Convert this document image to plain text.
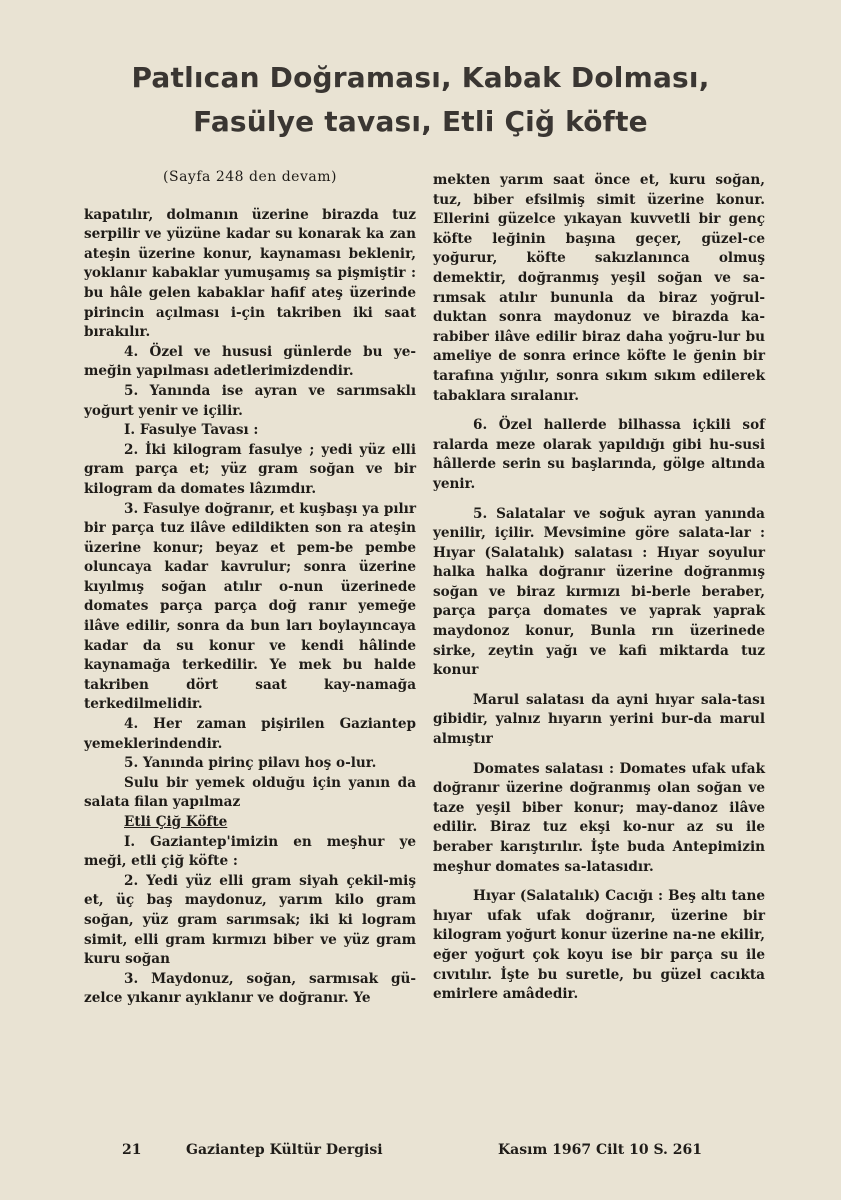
Patlıcan Doğraması, Kabak Dolması,
Fasülye tavası, Etli Çiğ köfte

(Sayfa 248 den devam)

kapatılır, dolmanın üzerine birazda tuz serpilir ve yüzüne kadar su konarak ka zan ateşin üzerine konur, kaynaması beklenir, yoklanır kabaklar yumuşamış sa pişmiştir : bu hâle gelen kabaklar hafif ateş üzerinde pirincin açılması i-çin takriben iki saat bırakılır.

4. Özel ve hususi günlerde bu ye-meğin yapılması adetlerimizdendir.

5. Yanında ise ayran ve sarımsaklı yoğurt yenir ve içilir.

I. Fasulye Tavası :

2. İki kilogram fasulye ; yedi yüz elli gram parça et; yüz gram soğan ve bir kilogram da domates lâzımdır.

3. Fasulye doğranır, et kuşbaşı ya pılır bir parça tuz ilâve edildikten son ra ateşin üzerine konur; beyaz et pem-be pembe oluncaya kadar kavrulur; sonra üzerine kıyılmış soğan atılır o-nun üzerinede domates parça parça doğ ranır yemeğe ilâve edilir, sonra da bun ları boylayıncaya kadar da su konur ve kendi hâlinde kaynamağa terkedilir. Ye mek bu halde takriben dört saat kay-namağa terkedilmelidir.

4. Her zaman pişirilen Gaziantep yemeklerindendir.

5. Yanında pirinç pilavı hoş o-lur.

Sulu bir yemek olduğu için yanın da salata filan yapılmaz

Etli Çiğ Köfte

I. Gaziantep'imizin en meşhur ye meği, etli çiğ köfte :

2. Yedi yüz elli gram siyah çekil-miş et, üç baş maydonuz, yarım kilo gram soğan, yüz gram sarımsak; iki ki logram simit, elli gram kırmızı biber ve yüz gram kuru soğan

3. Maydonuz, soğan, sarmısak gü-zelce yıkanır ayıklanır ve doğranır. Ye

mekten yarım saat önce et, kuru soğan, tuz, biber efsilmiş simit üzerine konur. Ellerini güzelce yıkayan kuvvetli bir genç köfte leğinin başına geçer, güzel-ce yoğurur, köfte sakızlanınca olmuş demektir, doğranmış yeşil soğan ve sa-rımsak atılır bununla da biraz yoğrul-duktan sonra maydonuz ve birazda ka-rabiber ilâve edilir biraz daha yoğru-lur bu ameliye de sonra erince köfte le ğenin bir tarafına yığılır, sonra sıkım sıkım edilerek tabaklara sıralanır.

6. Özel hallerde bilhassa içkili sof ralarda meze olarak yapıldığı gibi hu-susi hâllerde serin su başlarında, gölge altında yenir.

5. Salatalar ve soğuk ayran yanında yenilir, içilir. Mevsimine göre salata-lar : Hıyar (Salatalık) salatası : Hıyar soyulur halka halka doğranır üzerine doğranmış soğan ve biraz kırmızı bi-berle beraber, parça parça domates ve yaprak yaprak maydonoz konur, Bunla rın üzerinede sirke, zeytin yağı ve kafi miktarda tuz konur

Marul salatası da ayni hıyar sala-tası gibidir, yalnız hıyarın yerini bur-da marul almıştır

Domates salatası : Domates ufak ufak doğranır üzerine doğranmış olan soğan ve taze yeşil biber konur; may-danoz ilâve edilir. Biraz tuz ekşi ko-nur az su ile beraber karıştırılır. İşte buda Antepimizin meşhur domates sa-latasıdır.

Hıyar (Salatalık) Cacığı : Beş altı tane hıyar ufak ufak doğranır, üzerine bir kilogram yoğurt konur üzerine na-ne ekilir, eğer yoğurt çok koyu ise bir parça su ile cıvıtılır. İşte bu suretle, bu güzel cacıkta emirlere amâdedir.

21	Gaziantep Kültür Dergisi	Kasım 1967 Cilt 10 S. 261
